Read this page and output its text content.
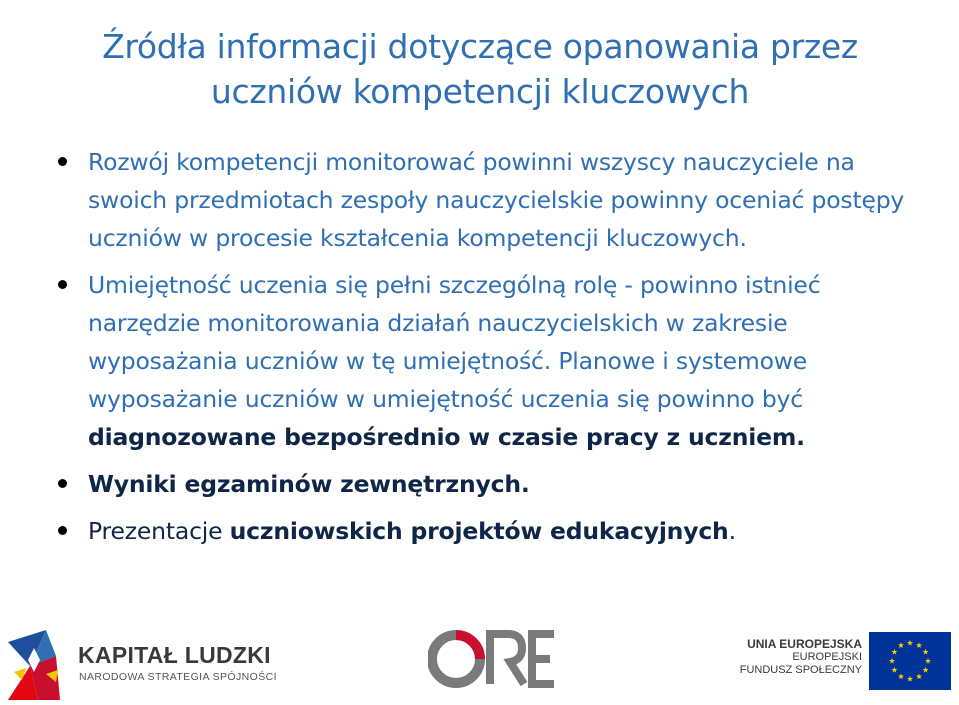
Źródła informacji dotyczące opanowania przez
uczniów kompetencji kluczowych
Rozwój kompetencji monitorować powinni wszyscy nauczyciele na swoich przedmiotach zespoły nauczycielskie powinny oceniać postępy uczniów w procesie kształcenia kompetencji kluczowych.
Umiejętność uczenia się pełni szczególną rolę - powinno istnieć narzędzie monitorowania działań nauczycielskich w zakresie wyposażania uczniów w tę umiejętność. Planowe i systemowe wyposażanie uczniów w umiejętność uczenia się powinno być diagnozowane bezpośrednio w czasie pracy z uczniem.
Wyniki egzaminów zewnętrznych.
Prezentacje uczniowskich projektów edukacyjnych.
KAPITAŁ LUDZKI
NARODOWA STRATEGIA SPÓJNOŚCI
UNIA EUROPEJSKA
EUROPEJSKI
FUNDUSZ SPOŁECZNY
